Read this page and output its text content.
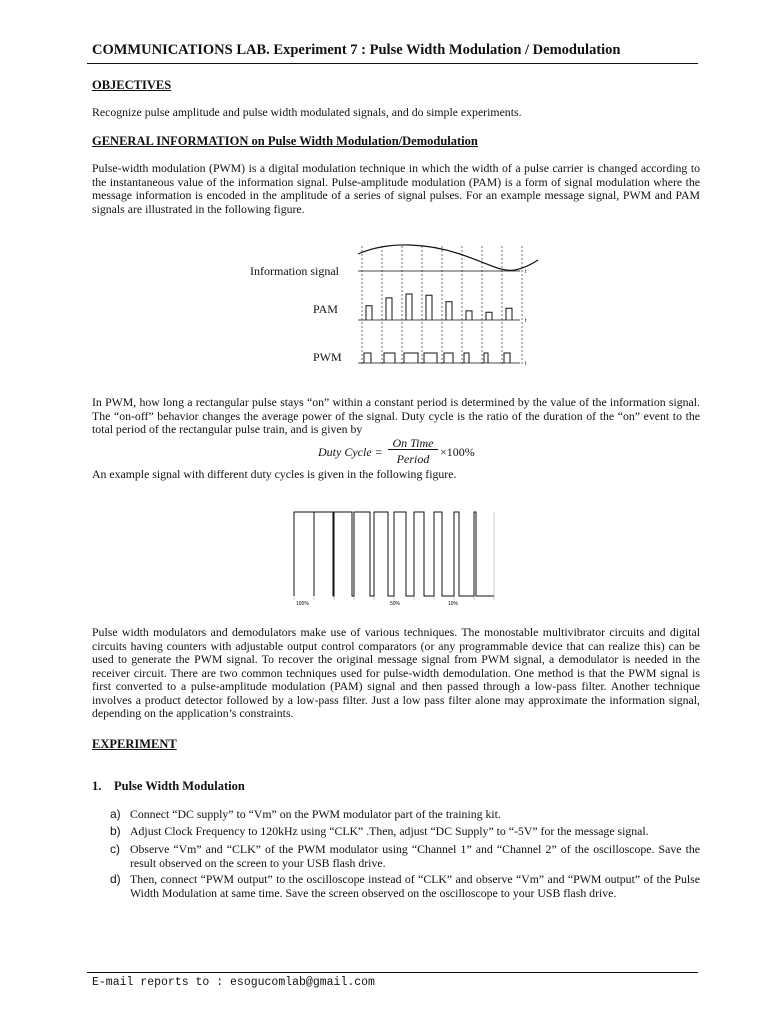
COMMUNICATIONS LAB. Experiment 7 : Pulse Width Modulation / Demodulation
OBJECTIVES
Recognize pulse amplitude and pulse width modulated signals, and do simple experiments.
GENERAL INFORMATION on Pulse Width Modulation/Demodulation
Pulse-width modulation (PWM) is a digital modulation technique in which the width of a pulse carrier is changed according to the instantaneous value of the information signal. Pulse-amplitude modulation (PAM) is a form of signal modulation where the message information is encoded in the amplitude of a series of signal pulses. For an example message signal, PWM and PAM signals are illustrated in the following figure.
Information signal
PAM
PWM
t
t
t
In PWM, how long a rectangular pulse stays “on” within a constant period is determined by the value of the information signal. The “on-off” behavior changes the average power of the signal. Duty cycle is the ratio of the duration of the “on” event to the total period of the rectangular pulse train, and is given by
Duty Cycle =
On Time
Period ×100%
An example signal with different duty cycles is given in the following figure.
100%	50%	10%
Pulse width modulators and demodulators make use of various techniques. The monostable multivibrator circuits and digital circuits having counters with adjustable output control comparators (or any programmable device that can realize this) can be used to generate the PWM signal. To recover the original message signal from PWM signal, a demodulator is needed in the receiver circuit. There are two common techniques used for pulse-width demodulation. One method is that the PWM signal is first converted to a pulse-amplitude modulation (PAM) signal and then passed through a low-pass filter. Another technique involves a product detector followed by a low-pass filter. Just a low pass filter alone may approximate the information signal, depending on the application’s constraints.
EXPERIMENT
1. Pulse Width Modulation
a) Connect “DC supply” to “Vm” on the PWM modulator part of the training kit.
b) Adjust Clock Frequency to 120kHz using “CLK” .Then, adjust “DC Supply” to “-5V” for the message signal.
c) Observe “Vm” and “CLK” of the PWM modulator using “Channel 1” and “Channel 2” of the oscilloscope. Save the result observed on the screen to your USB flash drive.
d) Then, connect “PWM output” to the oscilloscope instead of “CLK” and observe “Vm” and “PWM output” of the Pulse Width Modulation at same time. Save the screen observed on the oscilloscope to your USB flash drive.
E-mail reports to : esogucomlab@gmail.com
